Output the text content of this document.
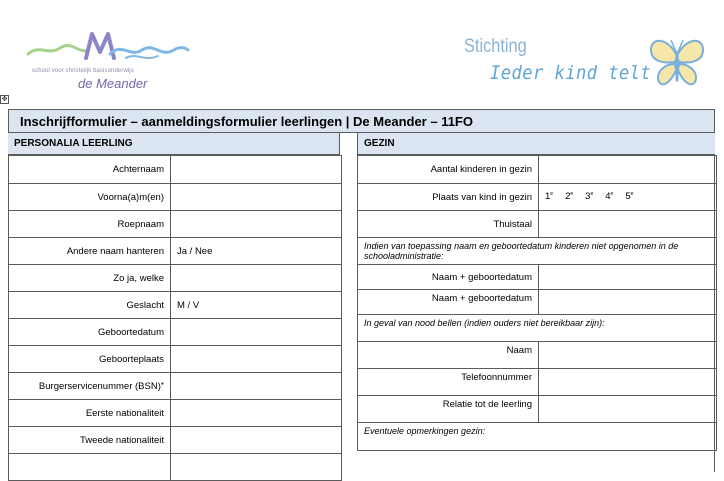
school voor christelijk basisonderwijs
de Meander
Stichting
Ieder kind telt
✥
Inschrijfformulier – aanmeldingsformulier leerlingen | De Meander – 11FO
PERSONALIA LEERLING	GEZIN
Achternaam	
Voorna(a)m(en)	
Roepnaam	
Andere naam hanteren	Ja / Nee
Zo ja, welke	
Geslacht	M / V
Geboortedatum	
Geboorteplaats	
Burgerservicenummer (BSN)*	
Eerste nationaliteit	
Tweede nationaliteit	

Aantal kinderen in gezin	
Plaats van kind in gezin	1e 2e 3e 4e 5e
Thuistaal	
Indien van toepassing naam en geboortedatum kinderen niet opgenomen in de schooladministratie:	
Naam + geboortedatum	
Naam + geboortedatum	
In geval van nood bellen (indien ouders niet bereikbaar zijn):	
Naam	
Telefoonnummer	
Relatie tot de leerling	
Eventuele opmerkingen gezin:	
